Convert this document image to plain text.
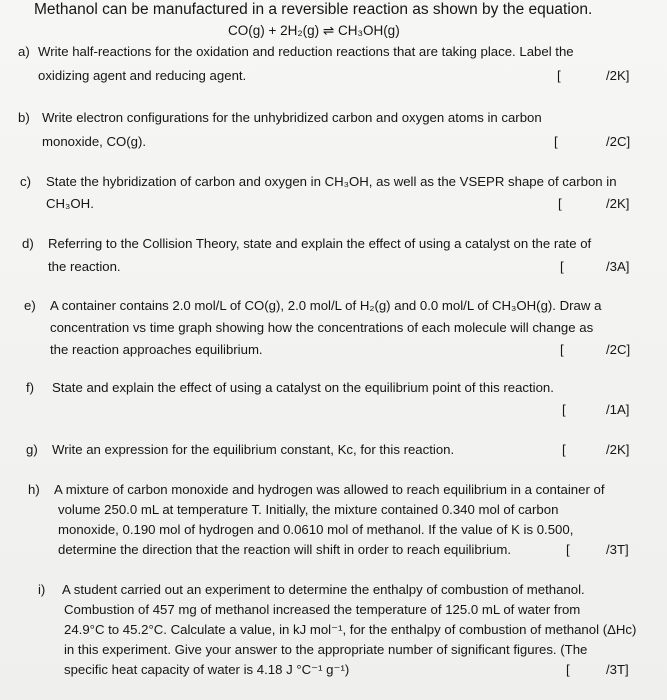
Methanol can be manufactured in a reversible reaction as shown by the equation.
CO(g) + 2H₂(g) ⇌ CH₃OH(g)
a) Write half-reactions for the oxidation and reduction reactions that are taking place. Label the
oxidizing agent and reducing agent.	[	/2K]
b) Write electron configurations for the unhybridized carbon and oxygen atoms in carbon
monoxide, CO(g).	[	/2C]
c) State the hybridization of carbon and oxygen in CH₃OH, as well as the VSEPR shape of carbon in
CH₃OH.	[	/2K]
d) Referring to the Collision Theory, state and explain the effect of using a catalyst on the rate of
the reaction.	[	/3A]
e) A container contains 2.0 mol/L of CO(g), 2.0 mol/L of H₂(g) and 0.0 mol/L of CH₃OH(g). Draw a
concentration vs time graph showing how the concentrations of each molecule will change as
the reaction approaches equilibrium.	[	/2C]
f) State and explain the effect of using a catalyst on the equilibrium point of this reaction.
[	/1A]
g) Write an expression for the equilibrium constant, Kc, for this reaction.	[	/2K]
h) A mixture of carbon monoxide and hydrogen was allowed to reach equilibrium in a container of
volume 250.0 mL at temperature T. Initially, the mixture contained 0.340 mol of carbon
monoxide, 0.190 mol of hydrogen and 0.0610 mol of methanol. If the value of K is 0.500,
determine the direction that the reaction will shift in order to reach equilibrium.	[	/3T]
i) A student carried out an experiment to determine the enthalpy of combustion of methanol.
Combustion of 457 mg of methanol increased the temperature of 125.0 mL of water from
24.9°C to 45.2°C. Calculate a value, in kJ mol⁻¹, for the enthalpy of combustion of methanol (ΔHc)
in this experiment. Give your answer to the appropriate number of significant figures. (The
specific heat capacity of water is 4.18 J °C⁻¹ g⁻¹)	[	/3T]
